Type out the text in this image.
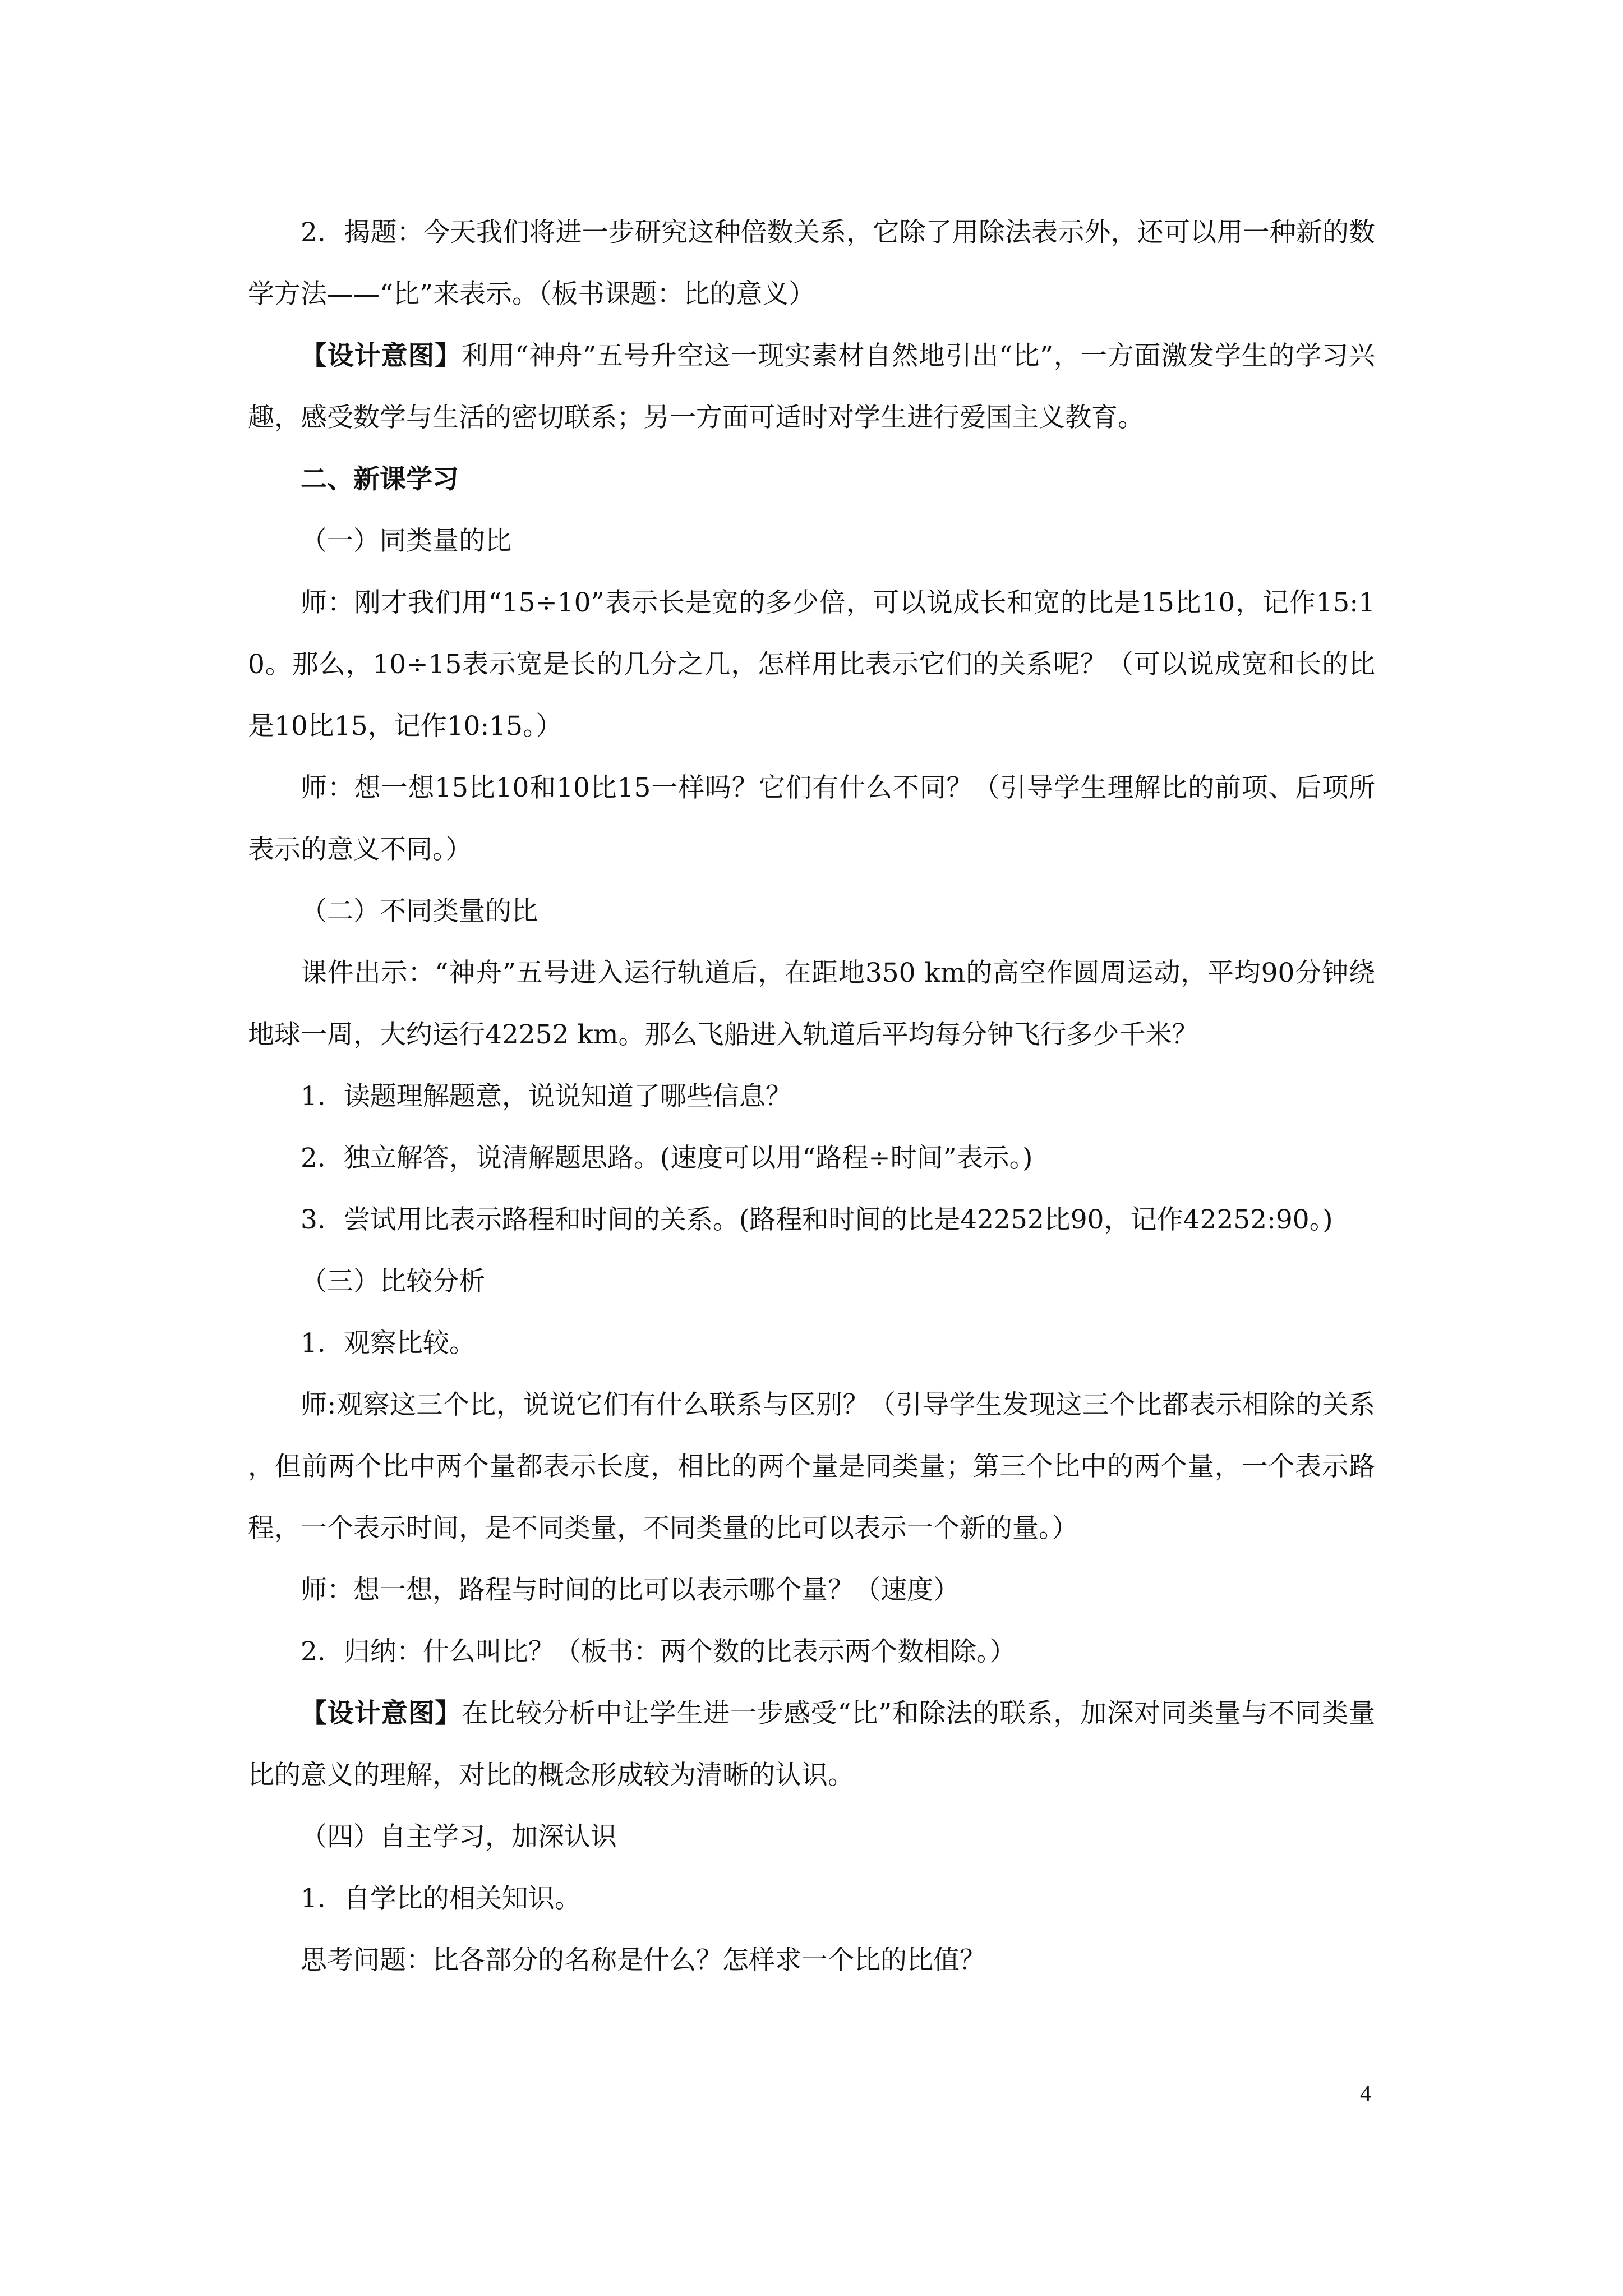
2．揭题：今天我们将进一步研究这种倍数关系，它除了用除法表示外，还可以用一种新的数学方法——“比”来表示。（板书课题：比的意义）

【设计意图】利用“神舟”五号升空这一现实素材自然地引出“比”，一方面激发学生的学习兴趣，感受数学与生活的密切联系；另一方面可适时对学生进行爱国主义教育。

二、新课学习

（一）同类量的比

师：刚才我们用“15÷10”表示长是宽的多少倍，可以说成长和宽的比是15比10，记作15:10。那么，10÷15表示宽是长的几分之几，怎样用比表示它们的关系呢？（可以说成宽和长的比是10比15，记作10:15。）

师：想一想15比10和10比15一样吗？它们有什么不同？（引导学生理解比的前项、后项所表示的意义不同。）

（二）不同类量的比

课件出示：“神舟”五号进入运行轨道后，在距地350 km的高空作圆周运动，平均90分钟绕地球一周，大约运行42252 km。那么飞船进入轨道后平均每分钟飞行多少千米？

1．读题理解题意，说说知道了哪些信息？

2．独立解答，说清解题思路。(速度可以用“路程÷时间”表示。)

3．尝试用比表示路程和时间的关系。(路程和时间的比是42252比90，记作42252:90。)

（三）比较分析

1．观察比较。

师:观察这三个比，说说它们有什么联系与区别？（引导学生发现这三个比都表示相除的关系，但前两个比中两个量都表示长度，相比的两个量是同类量；第三个比中的两个量，一个表示路程，一个表示时间，是不同类量，不同类量的比可以表示一个新的量。）

师：想一想，路程与时间的比可以表示哪个量？（速度）

2．归纳：什么叫比？（板书：两个数的比表示两个数相除。）

【设计意图】在比较分析中让学生进一步感受“比”和除法的联系，加深对同类量与不同类量比的意义的理解，对比的概念形成较为清晰的认识。

（四）自主学习，加深认识

1．自学比的相关知识。

思考问题：比各部分的名称是什么？怎样求一个比的比值？

4
